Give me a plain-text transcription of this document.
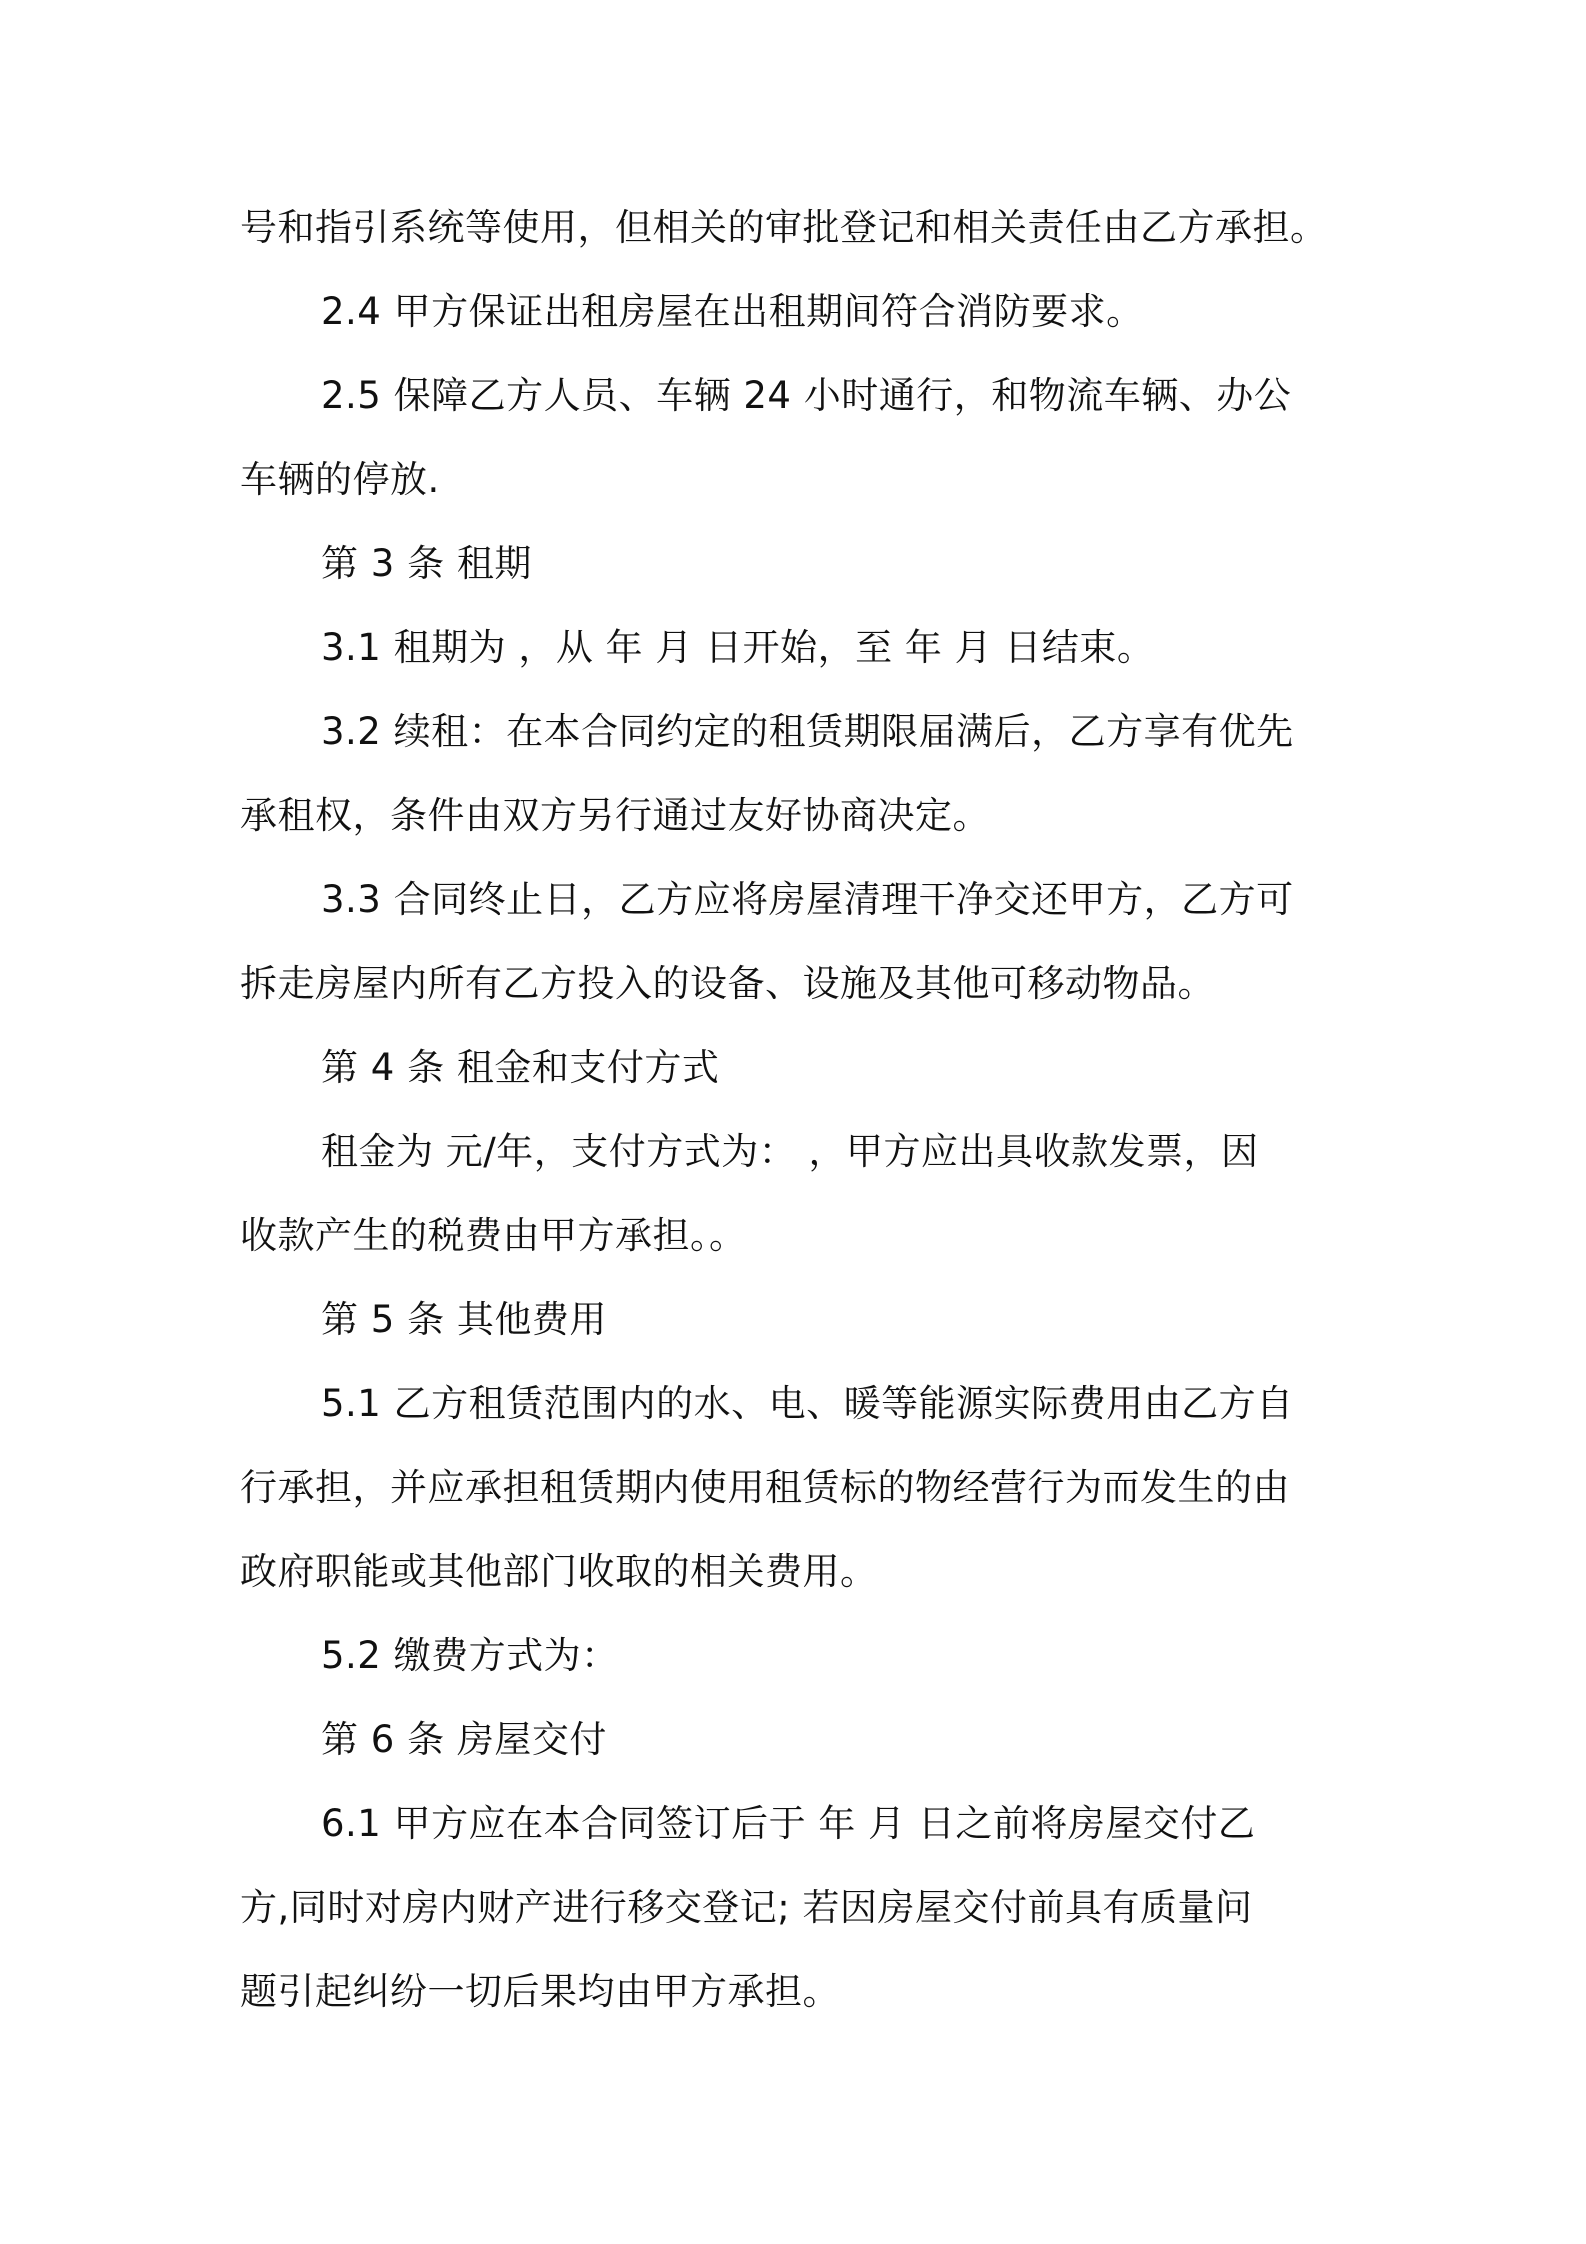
号和指引系统等使用，但相关的审批登记和相关责任由乙方承担。

2.4 甲方保证出租房屋在出租期间符合消防要求。

2.5 保障乙方人员、车辆 24 小时通行，和物流车辆、办公

车辆的停放.

第 3 条 租期

3.1 租期为 ，从 年 月 日开始，至 年 月 日结束。

3.2 续租：在本合同约定的租赁期限届满后，乙方享有优先

承租权，条件由双方另行通过友好协商决定。

3.3 合同终止日，乙方应将房屋清理干净交还甲方，乙方可

拆走房屋内所有乙方投入的设备、设施及其他可移动物品。

第 4 条 租金和支付方式

租金为 元/年，支付方式为： ，甲方应出具收款发票，因

收款产生的税费由甲方承担。。

第 5 条 其他费用

5.1 乙方租赁范围内的水、电、暖等能源实际费用由乙方自

行承担，并应承担租赁期内使用租赁标的物经营行为而发生的由

政府职能或其他部门收取的相关费用。

5.2 缴费方式为：

第 6 条 房屋交付

6.1 甲方应在本合同签订后于 年 月 日之前将房屋交付乙

方,同时对房内财产进行移交登记; 若因房屋交付前具有质量问

题引起纠纷一切后果均由甲方承担。
